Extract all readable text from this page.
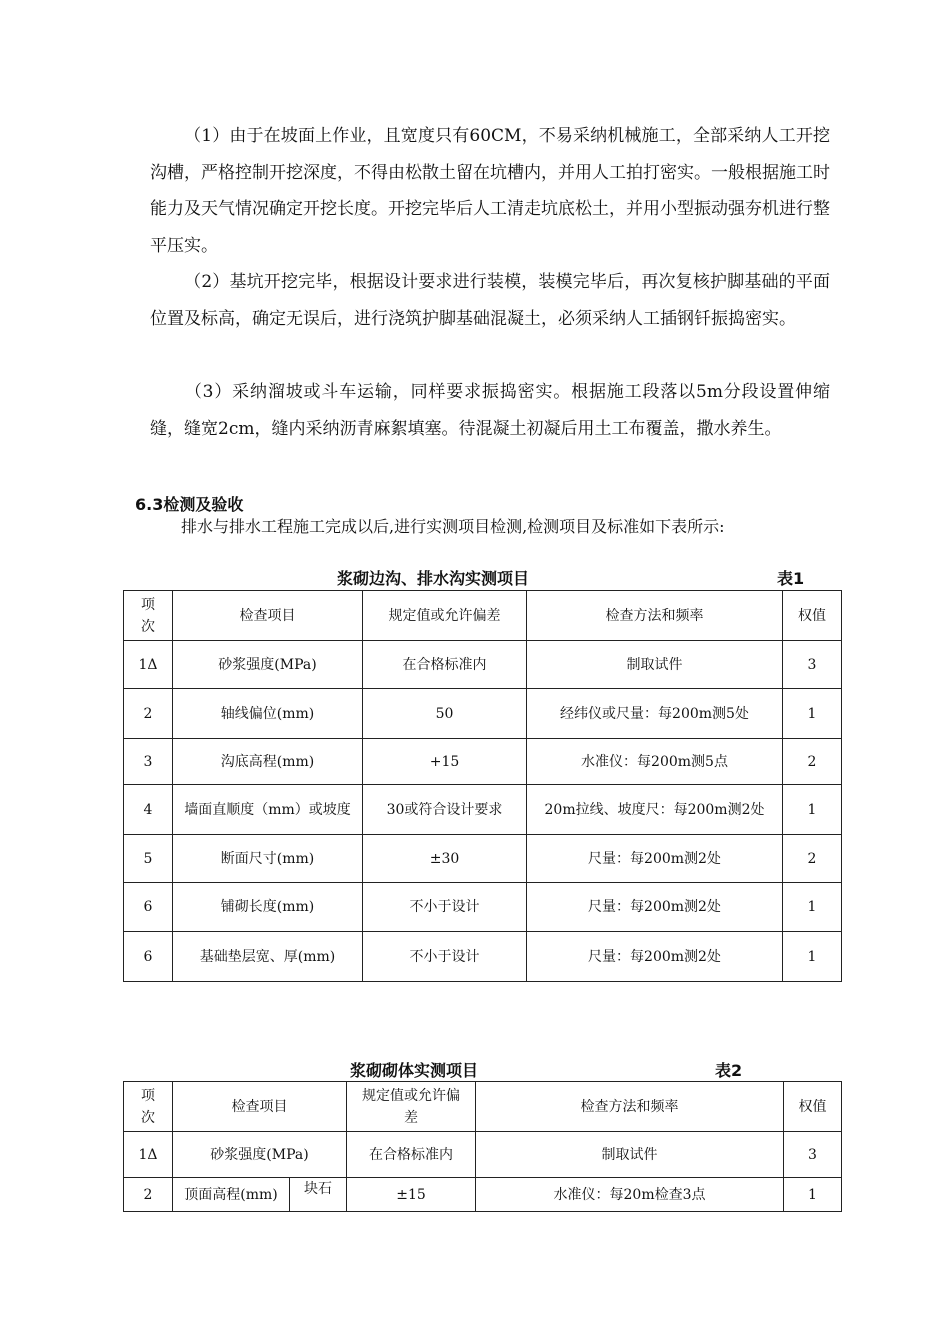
（1）由于在坡面上作业，且宽度只有60CM，不易采纳机械施工，全部采纳人工开挖沟槽，严格控制开挖深度，不得由松散土留在坑槽内，并用人工拍打密实。一般根据施工时能力及天气情况确定开挖长度。开挖完毕后人工清走坑底松土，并用小型振动强夯机进行整平压实。

（2）基坑开挖完毕，根据设计要求进行装模，装模完毕后，再次复核护脚基础的平面位置及标高，确定无误后，进行浇筑护脚基础混凝土，必须采纳人工插钢钎振捣密实。

（3）采纳溜坡或斗车运输，同样要求振捣密实。根据施工段落以5m分段设置伸缩缝，缝宽2cm，缝内采纳沥青麻絮填塞。待混凝土初凝后用土工布覆盖，撒水养生。

6.3检测及验收

排水与排水工程施工完成以后,进行实测项目检测,检测项目及标准如下表所示:

浆砌边沟、排水沟实测项目	表1
项次	检查项目	规定值或允许偏差	检查方法和频率	权值
1Δ	砂浆强度(MPa)	在合格标准内	制取试件	3
2	轴线偏位(mm)	50	经纬仪或尺量：每200m测5处	1
3	沟底高程(mm)	+15	水准仪：每200m测5点	2
4	墙面直顺度（mm）或坡度	30或符合设计要求	20m拉线、坡度尺：每200m测2处	1
5	断面尺寸(mm)	±30	尺量：每200m测2处	2
6	铺砌长度(mm)	不小于设计	尺量：每200m测2处	1
6	基础垫层宽、厚(mm)	不小于设计	尺量：每200m测2处	1
浆砌砌体实测项目	表2
项次	检查项目		规定值或允许偏差	检查方法和频率	权值
1Δ	砂浆强度(MPa)		在合格标准内	制取试件	3
2	顶面高程(mm)	块石	±15	水准仪：每20m检查3点	1
